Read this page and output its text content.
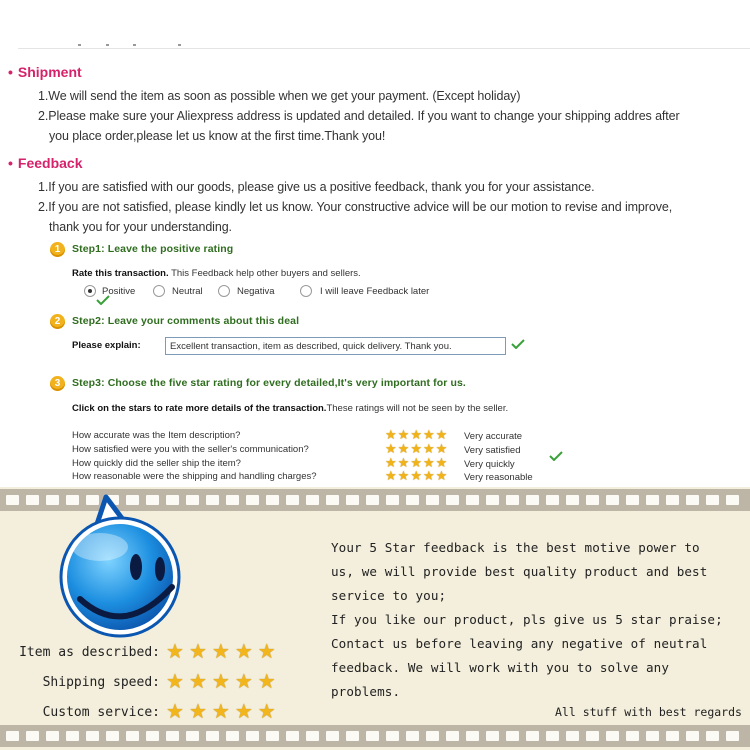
• Shipment
1.We will send the item as soon as possible when we get your payment. (Except holiday)
2.Please make sure your Aliexpress address is updated and detailed. If you want to change your shipping addres after
you place order,please let us know at the first time.Thank you!
• Feedback
1.If you are satisfied with our goods, please give us a positive feedback, thank you for your assistance.
2.If you are not satisfied, please kindly let us know. Your constructive advice will be our motion to revise and improve,
thank you for your understanding.
1	Step1: Leave the positive rating
Rate this transaction. This Feedback help other buyers and sellers.
Positive	Neutral	Negativa	I will leave Feedback later
2	Step2: Leave your comments about this deal
Please explain:	Excellent transaction, item as described, quick delivery. Thank you.
3	Step3: Choose the five star rating for every detailed,It's very important for us.
Click on the stars to rate more details of the transaction.These ratings will not be seen by the seller.
How accurate was the Item description?	★ ★ ★ ★ ★ Very accurate
How satisfied were you with the seller's communication?	★ ★ ★ ★ ★ Very satisfied
How quickly did the seller ship the item?	★ ★ ★ ★ ★ Very quickly
How reasonable were the shipping and handling charges?	★ ★ ★ ★ ★ Very reasonable
Your 5 Star feedback is the best motive power to
us, we will provide best quality product and best
service to you;
If you like our product, pls give us 5 star praise;
Contact us before leaving any negative of neutral
feedback. We will work with you to solve any
problems.
Item as described: ★ ★ ★ ★ ★
Shipping speed: ★ ★ ★ ★ ★
Custom service: ★ ★ ★ ★ ★	All stuff with best regards
